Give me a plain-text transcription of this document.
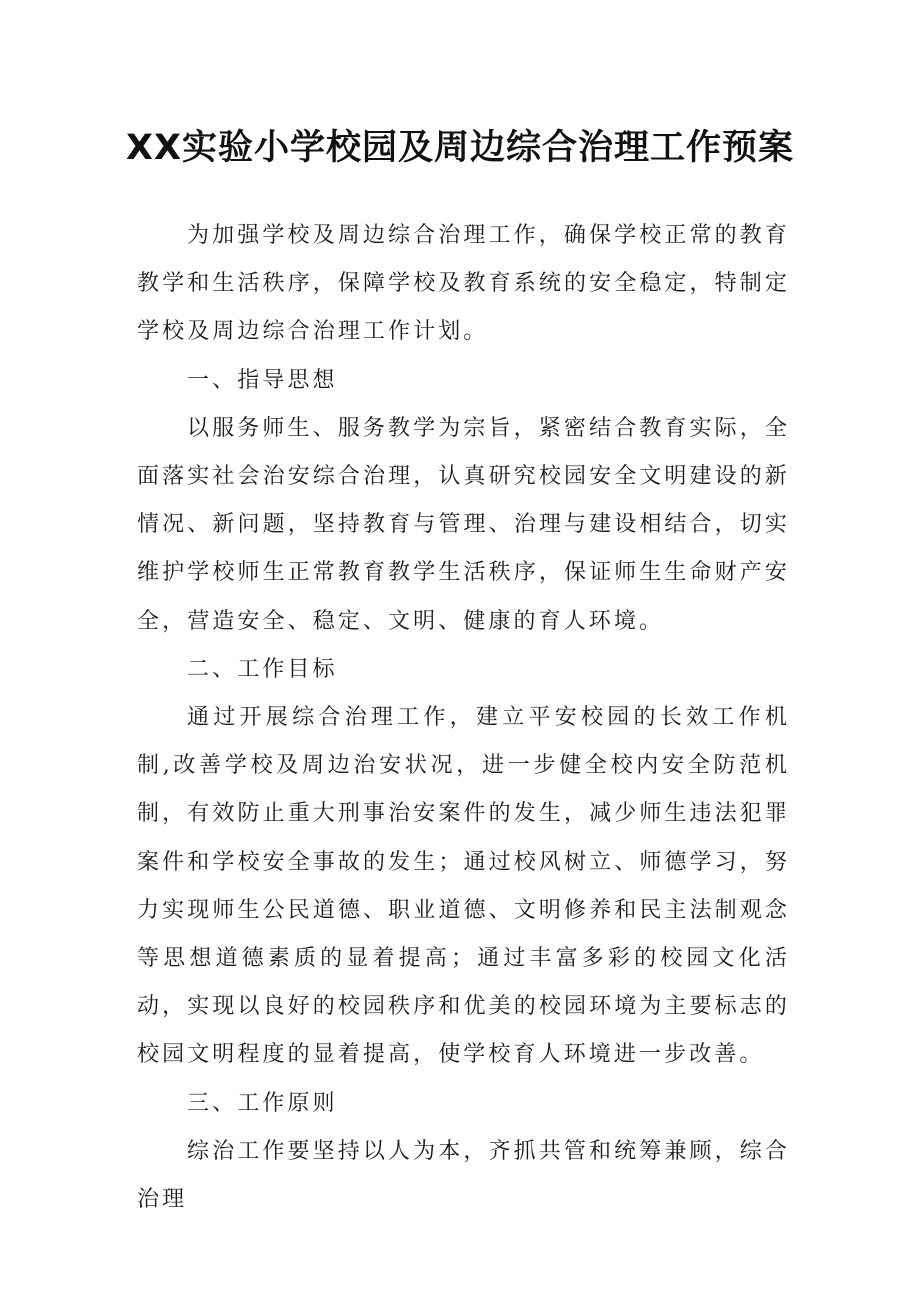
XX实验小学校园及周边综合治理工作预案

为加强学校及周边综合治理工作，确保学校正常的教育教学和生活秩序，保障学校及教育系统的安全稳定，特制定学校及周边综合治理工作计划。

一、指导思想

以服务师生、服务教学为宗旨，紧密结合教育实际，全面落实社会治安综合治理，认真研究校园安全文明建设的新情况、新问题，坚持教育与管理、治理与建设相结合，切实维护学校师生正常教育教学生活秩序，保证师生生命财产安全，营造安全、稳定、文明、健康的育人环境。

二、工作目标

通过开展综合治理工作，建立平安校园的长效工作机制,改善学校及周边治安状况，进一步健全校内安全防范机制，有效防止重大刑事治安案件的发生，减少师生违法犯罪案件和学校安全事故的发生；通过校风树立、师德学习，努力实现师生公民道德、职业道德、文明修养和民主法制观念等思想道德素质的显着提高；通过丰富多彩的校园文化活动，实现以良好的校园秩序和优美的校园环境为主要标志的校园文明程度的显着提高，使学校育人环境进一步改善。

三、工作原则

综治工作要坚持以人为本，齐抓共管和统筹兼顾，综合治理
